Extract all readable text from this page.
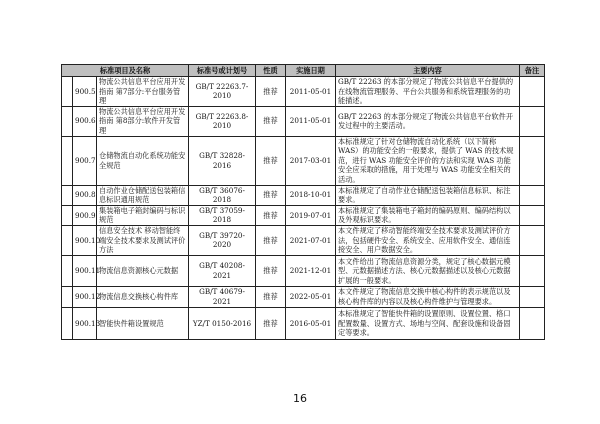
标准项目及名称			标准号或计划号	性质	实施日期	主要内容	备注
	900.5	物流公共信息平台应用开发指南 第7部分:平台服务管理	GB/T 22263.7-2010	推荐	2011-05-01	GB/T 22263 的本部分规定了物流公共信息平台提供的在线物流管理服务、平台公共服务和系统管理服务的功能描述。	
	900.6	物流公共信息平台应用开发指南 第8部分:软件开发管理	GB/T 22263.8-2010	推荐	2011-05-01	GB/T 22263 的本部分规定了物流公共信息平台软件开发过程中的主要活动。	
	900.7	仓储物流自动化系统功能安全规范	GB/T 32828-2016	推荐	2017-03-01	本标准规定了针对仓储物流自动化系统（以下简称 WAS）的功能安全的一般要求，提供了 WAS 的技术规范，进行 WAS 功能安全评价的方法和实现 WAS 功能安全应采取的措施，用于处理与 WAS 功能安全相关的活动。	
	900.8	自动作业仓储配送包装箱信息标识通用规范	GB/T 36076-2018	推荐	2018-10-01	本标准规定了自动作业仓储配送包装箱信息标识、标注要求。	
	900.9	集装箱电子箱封编码与标识规范	GB/T 37059-2018	推荐	2019-07-01	本标准规定了集装箱电子箱封的编码原则、编码结构以及外观标识要求。	
	900.10	信息安全技术 移动智能终端安全技术要求及测试评价方法	GB/T 39720-2020	推荐	2021-07-01	本文件规定了移动智能终端安全技术要求及测试评价方法，包括硬件安全、系统安全、应用软件安全、通信连接安全、用户数据安全。	
	900.11	物流信息资源核心元数据	GB/T 40208-2021	推荐	2021-12-01	本文件给出了物流信息资源分类，规定了核心数据元模型、元数据描述方法、核心元数据描述以及核心元数据扩展的一般要求。	
	900.12	物流信息交换核心构件库	GB/T 40679-2021	推荐	2022-05-01	本文件规定了物流信息交换中核心构件的表示规范以及核心构件库的内容以及核心构件维护与管理要求。	
	900.13	智能快件箱设置规范	YZ/T 0150-2016	推荐	2016-05-01	本标准规定了智能快件箱的设置原则、设置位置、格口配置数量、设置方式、场地与空间、配套设施和设备固定等要求。	
16
